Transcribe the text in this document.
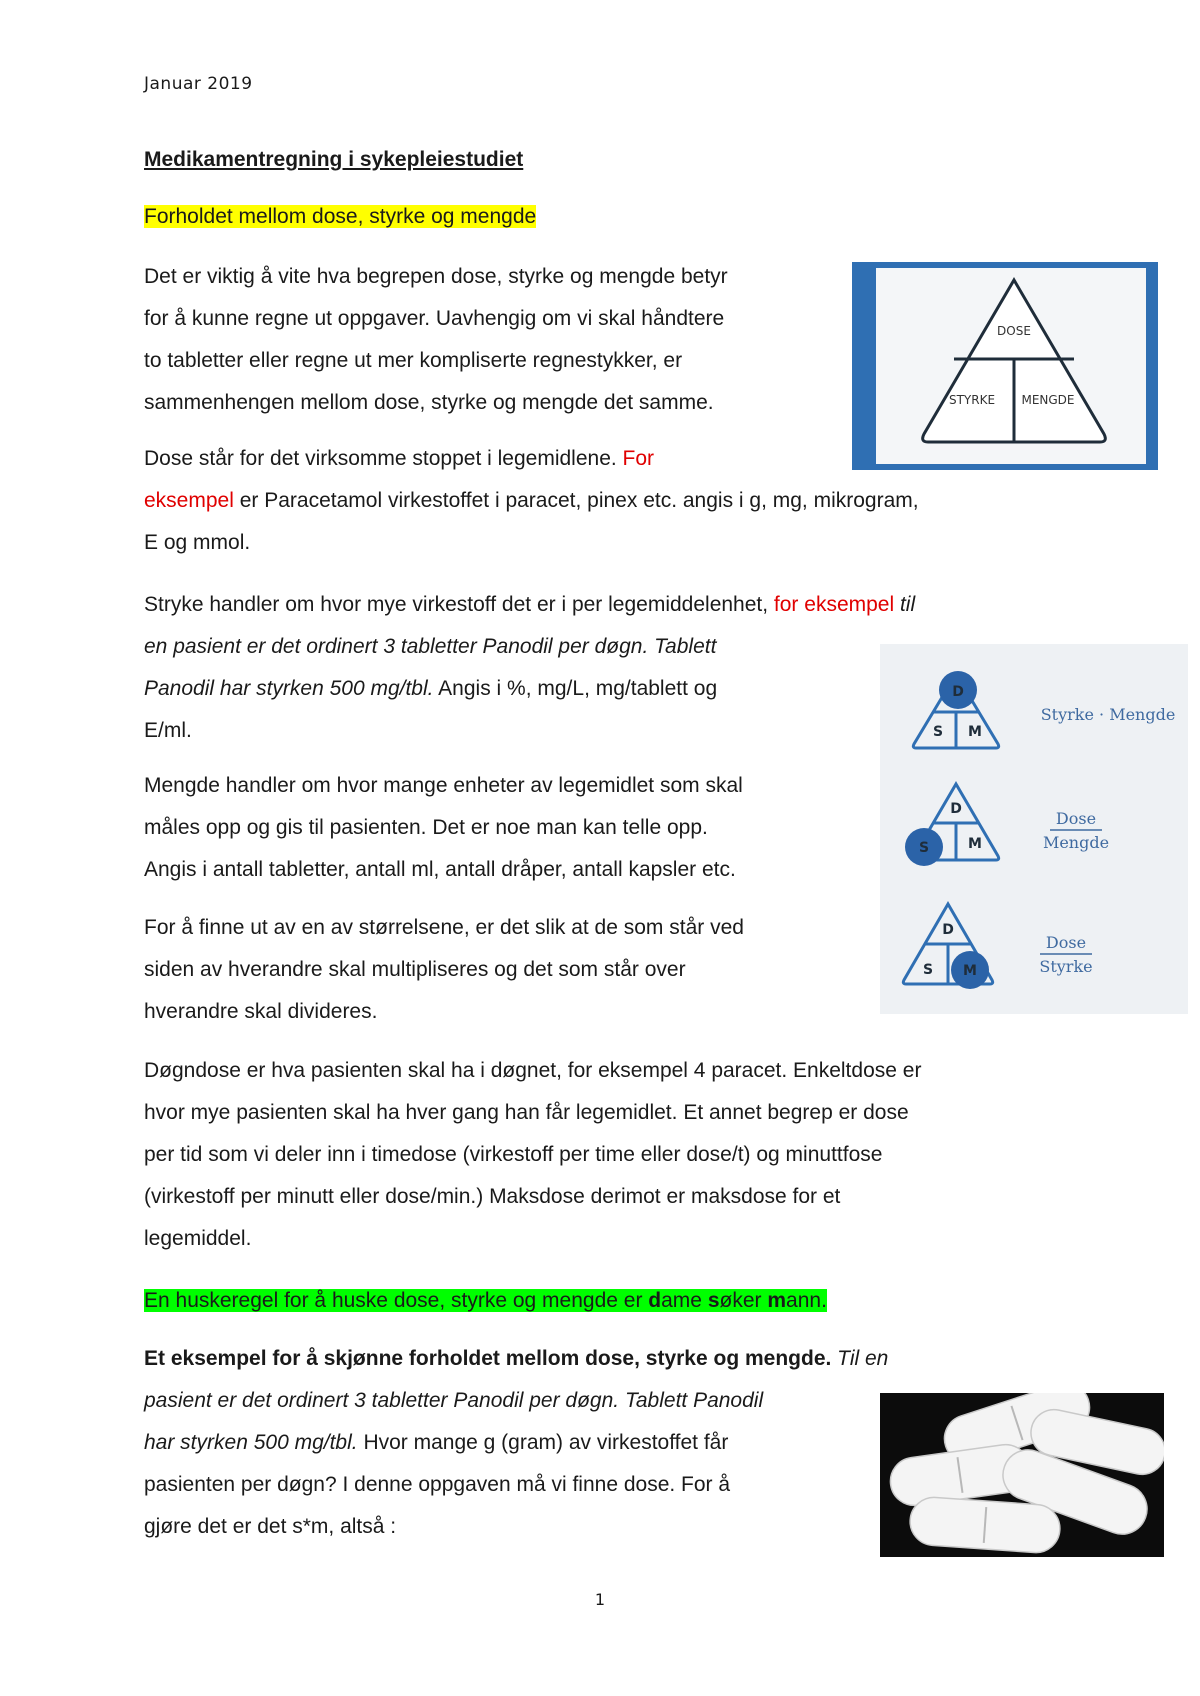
Januar 2019
Medikamentregning i sykepleiestudiet
Forholdet mellom dose, styrke og mengde
Det er viktig å vite hva begrepen dose, styrke og mengde betyr
for å kunne regne ut oppgaver. Uavhengig om vi skal håndtere
to tabletter eller regne ut mer kompliserte regnestykker, er
sammenhengen mellom dose, styrke og mengde det samme.
DOSE
STYRKE MENGDE
Dose står for det virksomme stoppet i legemidlene. For
eksempel er Paracetamol virkestoffet i paracet, pinex etc. angis i g, mg, mikrogram,
E og mmol.
Stryke handler om hvor mye virkestoff det er i per legemiddelenhet, for eksempel til
en pasient er det ordinert 3 tabletter Panodil per døgn. Tablett
Panodil har styrken 500 mg/tbl. Angis i %, mg/L, mg/tablett og
E/ml.
D
S M
Styrke · Mengde
D
S	M
Dose
Mengde
D
S M
Dose
Styrke
Mengde handler om hvor mange enheter av legemidlet som skal
måles opp og gis til pasienten. Det er noe man kan telle opp.
Angis i antall tabletter, antall ml, antall dråper, antall kapsler etc.
For å finne ut av en av størrelsene, er det slik at de som står ved
siden av hverandre skal multipliseres og det som står over
hverandre skal divideres.
Døgndose er hva pasienten skal ha i døgnet, for eksempel 4 paracet. Enkeltdose er
hvor mye pasienten skal ha hver gang han får legemidlet. Et annet begrep er dose
per tid som vi deler inn i timedose (virkestoff per time eller dose/t) og minuttfose
(virkestoff per minutt eller dose/min.) Maksdose derimot er maksdose for et
legemiddel.
En huskeregel for å huske dose, styrke og mengde er dame søker mann.
Et eksempel for å skjønne forholdet mellom dose, styrke og mengde. Til en
pasient er det ordinert 3 tabletter Panodil per døgn. Tablett Panodil
har styrken 500 mg/tbl. Hvor mange g (gram) av virkestoffet får
pasienten per døgn? I denne oppgaven må vi finne dose. For å
gjøre det er det s*m, altså :
1
